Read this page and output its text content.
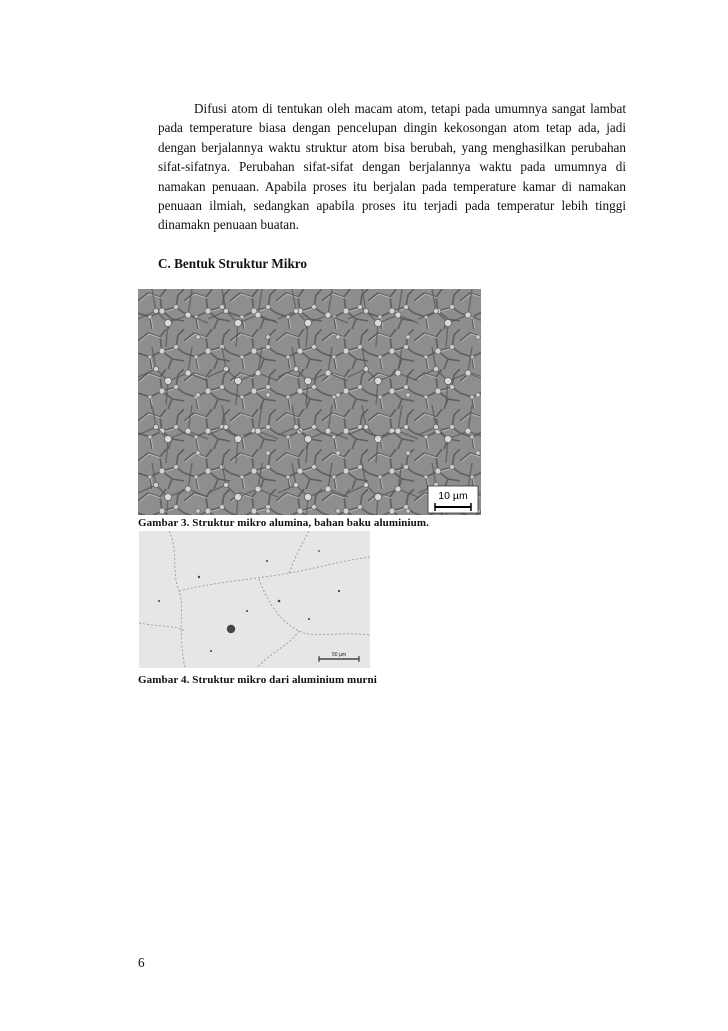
Difusi atom di tentukan oleh macam atom, tetapi pada umumnya sangat lambat pada temperature biasa dengan pencelupan dingin kekosongan atom tetap ada, jadi dengan berjalannya waktu struktur atom bisa berubah, yang menghasilkan perubahan sifat-sifatnya. Perubahan sifat-sifat dengan berjalannya waktu pada umumnya di namakan penuaan. Apabila proses itu berjalan pada temperature kamar di namakan penuaan ilmiah, sedangkan apabila proses itu terjadi pada temperatur lebih tinggi dinamakn penuaan buatan.

C. Bentuk Struktur Mikro

10 µm

Gambar 3. Struktur mikro alumina, bahan baku aluminium.

50 µm

Gambar 4. Struktur mikro dari aluminium murni

6
